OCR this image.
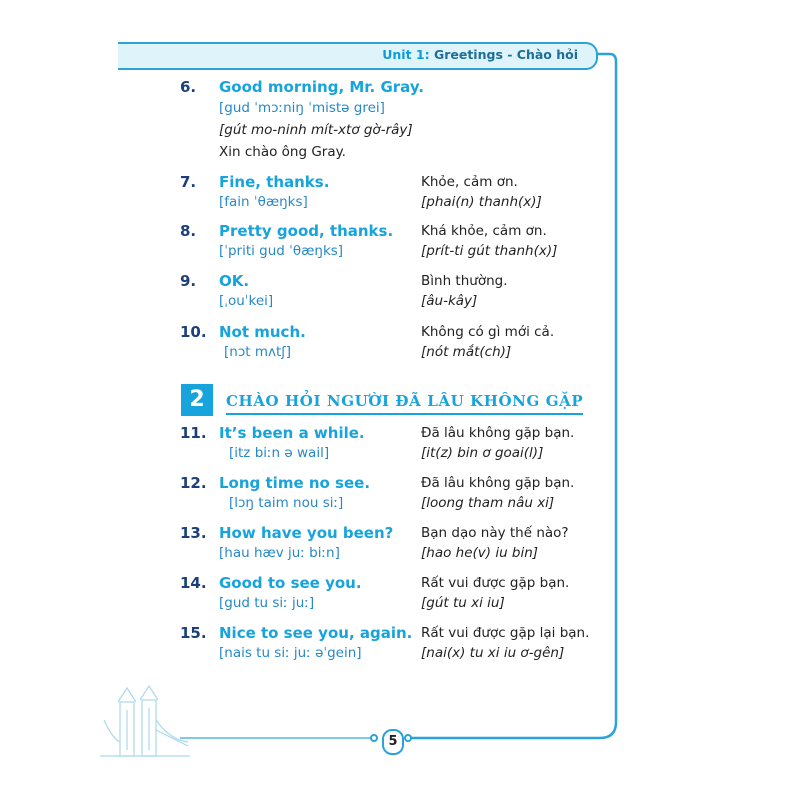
Unit 1: Greetings - Chào hỏi
6. Good morning, Mr. Gray.
[gud ˈmɔːniŋ ˈmistə grei]
[gút mo-ninh mít-xtơ gờ-rây]
Xin chào ông Gray.
7. Fine, thanks.
[fain ˈθæŋks]
Khỏe, cảm ơn.
[phai(n) thanh(x)]
8. Pretty good, thanks.
[ˈpriti gud ˈθæŋks]
Khá khỏe, cảm ơn.
[prít-ti gút thanh(x)]
9. OK.
[ˌouˈkei]
Bình thường.
[âu-kây]
10. Not much.
[nɔt mʌtʃ]
Không có gì mới cả.
[nót mắt(ch)]
2	CHÀO HỎI NGƯỜI ĐÃ LÂU KHÔNG GẶP
11. It’s been a while.
[itz biːn ə wail]
Đã lâu không gặp bạn.
[it(z) bin ơ goai(l)]
12. Long time no see.
[lɔŋ taim nou siː]
Đã lâu không gặp bạn.
[loong tham nâu xi]
13. How have you been?
[hau hæv juː biːn]
Bạn dạo này thế nào?
[hao he(v) iu bin]
14. Good to see you.
[gud tu siː juː]
Rất vui được gặp bạn.
[gút tu xi iu]
15. Nice to see you, again.
[nais tu siː juː əˈgein]
Rất vui được gặp lại bạn.
[nai(x) tu xi iu ơ-gên]
5
